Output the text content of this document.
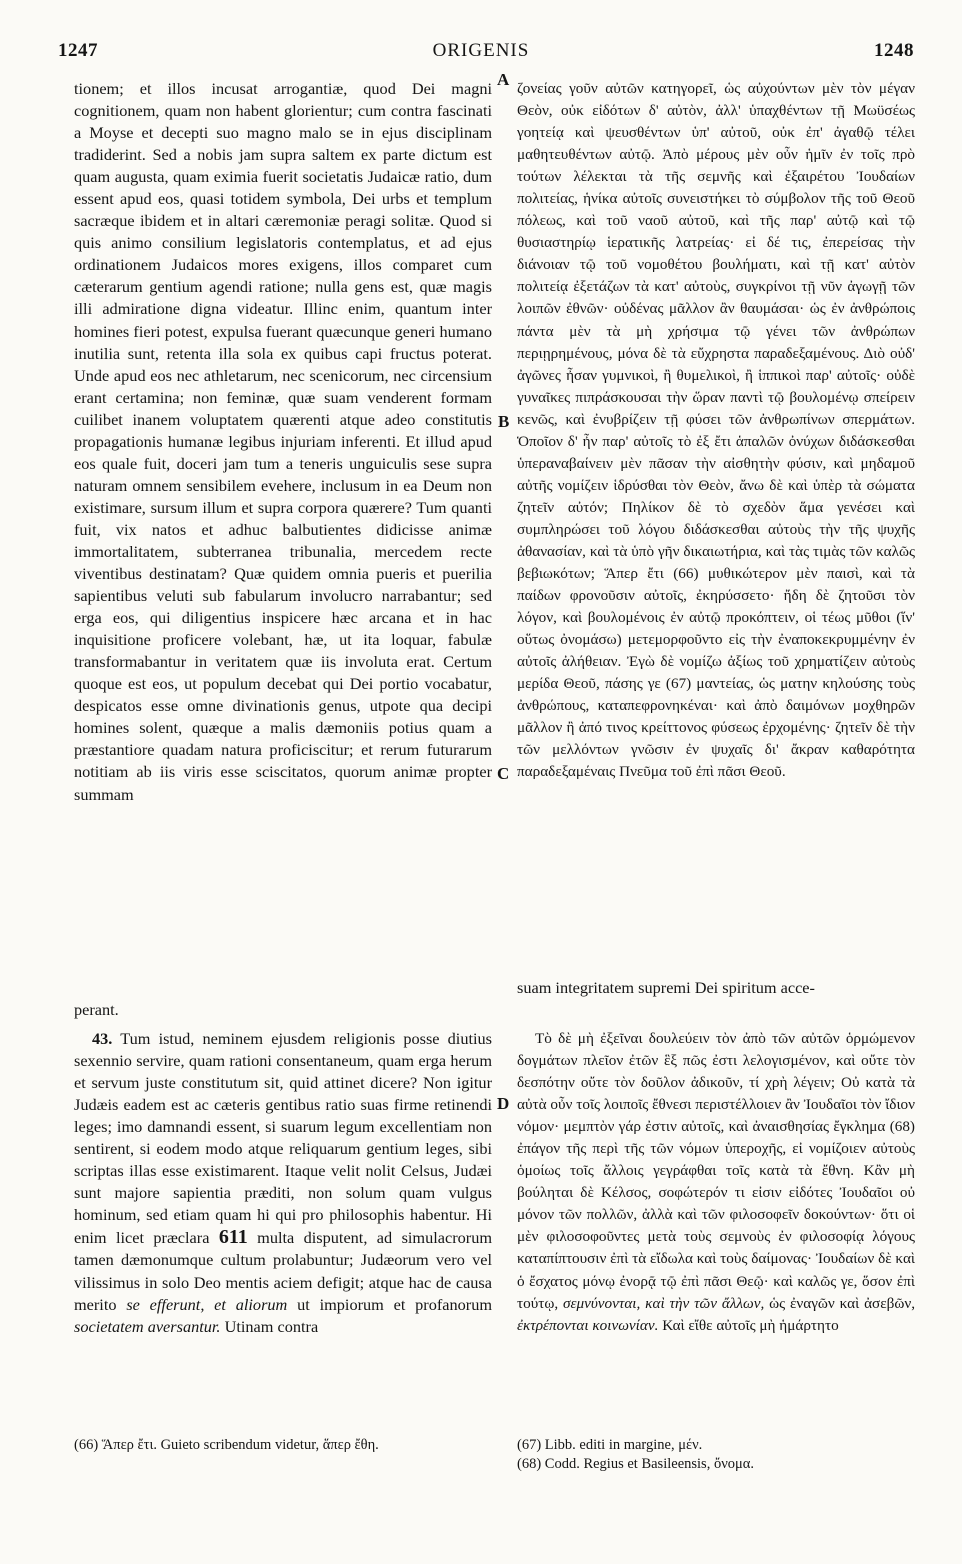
1247	ORIGENIS	1248
A
B
C
D

tionem; et illos incusat arrogantiæ, quod Dei magni cognitionem, quam non habent glorientur; cum contra fascinati a Moyse et decepti suo magno malo se in ejus disciplinam tradiderint. Sed a nobis jam supra saltem ex parte dictum est quam augusta, quam eximia fuerit societatis Judaicæ ratio, dum essent apud eos, quasi totidem symbola, Dei urbs et templum sacræque ibidem et in altari cæremoniæ peragi solitæ. Quod si quis animo consilium legislatoris contemplatus, et ad ejus ordinationem Judaicos mores exigens, illos comparet cum cæterarum gentium agendi ratione; nulla gens est, quæ magis illi admiratione digna videatur. Illinc enim, quantum inter homines fieri potest, expulsa fuerant quæcunque generi humano inutilia sunt, retenta illa sola ex quibus capi fructus poterat. Unde apud eos nec athletarum, nec scenicorum, nec circensium erant certamina; non feminæ, quæ suam venderent formam cuilibet inanem voluptatem quærenti atque adeo constitutis propagationis humanæ legibus injuriam inferenti. Et illud apud eos quale fuit, doceri jam tum a teneris unguiculis sese supra naturam omnem sensibilem evehere, inclusum in ea Deum non existimare, sursum illum et supra corpora quærere? Tum quanti fuit, vix natos et adhuc balbutientes didicisse animæ immortalitatem, subterranea tribunalia, mercedem recte viventibus destinatam? Quæ quidem omnia pueris et puerilia sapientibus veluti sub fabularum involucro narrabantur; sed erga eos, qui diligentius inspicere hæc arcana et in hac inquisitione proficere volebant, hæ, ut ita loquar, fabulæ transformabantur in veritatem quæ iis involuta erat. Certum quoque est eos, ut populum decebat qui Dei portio vocabatur, despicatos esse omne divinationis genus, utpote qua decipi homines solent, quæque a malis dæmoniis potius quam a præstantiore quadam natura proficiscitur; et rerum futurarum notitiam ab iis viris esse sciscitatos, quorum animæ propter summam

ζονείας γοῦν αὐτῶν κατηγορεῖ, ὡς αὐχούντων μὲν τὸν μέγαν Θεὸν, οὐκ εἰδότων δ' αὐτὸν, ἀλλ' ὑπαχθέντων τῇ Μωϋσέως γοητείᾳ καὶ ψευσθέντων ὑπ' αὐτοῦ, οὐκ ἐπ' ἀγαθῷ τέλει μαθητευθέντων αὐτῷ. Ἀπὸ μέρους μὲν οὖν ἡμῖν ἐν τοῖς πρὸ τούτων λέλεκται τὰ τῆς σεμνῆς καὶ ἐξαιρέτου Ἰουδαίων πολιτείας, ἡνίκα αὐτοῖς συνειστήκει τὸ σύμβολον τῆς τοῦ Θεοῦ πόλεως, καὶ τοῦ ναοῦ αὐτοῦ, καὶ τῆς παρ' αὐτῷ καὶ τῷ θυσιαστηρίῳ ἱερατικῆς λατρείας· εἰ δέ τις, ἐπερείσας τὴν διάνοιαν τῷ τοῦ νομοθέτου βουλήματι, καὶ τῇ κατ' αὐτὸν πολιτείᾳ ἐξετάζων τὰ κατ' αὐτοὺς, συγκρίνοι τῇ νῦν ἀγωγῇ τῶν λοιπῶν ἐθνῶν· οὐδένας μᾶλλον ἂν θαυμάσαι· ὡς ἐν ἀνθρώποις πάντα μὲν τὰ μὴ χρήσιμα τῷ γένει τῶν ἀνθρώπων περιῃρημένους, μόνα δὲ τὰ εὔχρηστα παραδεξαμένους. Διὸ οὐδ' ἀγῶνες ἦσαν γυμνικοὶ, ἢ θυμελικοὶ, ἢ ἱππικοὶ παρ' αὐτοῖς· οὐδὲ γυναῖκες πιπράσκουσαι τὴν ὥραν παντὶ τῷ βουλομένῳ σπείρειν κενῶς, καὶ ἐνυβρίζειν τῇ φύσει τῶν ἀνθρωπίνων σπερμάτων. Ὁποῖον δ' ἦν παρ' αὐτοῖς τὸ ἐξ ἔτι ἁπαλῶν ὀνύχων διδάσκεσθαι ὑπεραναβαίνειν μὲν πᾶσαν τὴν αἰσθητὴν φύσιν, καὶ μηδαμοῦ αὐτῆς νομίζειν ἱδρύσθαι τὸν Θεὸν, ἄνω δὲ καὶ ὑπὲρ τὰ σώματα ζητεῖν αὐτόν; Πηλίκον δὲ τὸ σχεδὸν ἅμα γενέσει καὶ συμπληρώσει τοῦ λόγου διδάσκεσθαι αὐτοὺς τὴν τῆς ψυχῆς ἀθανασίαν, καὶ τὰ ὑπὸ γῆν δικαιωτήρια, καὶ τὰς τιμὰς τῶν καλῶς βεβιωκότων; Ἅπερ ἔτι (66) μυθικώτερον μὲν παισὶ, καὶ τὰ παίδων φρονοῦσιν αὐτοῖς, ἐκηρύσσετο· ἤδη δὲ ζητοῦσι τὸν λόγον, καὶ βουλομένοις ἐν αὐτῷ προκόπτειν, οἱ τέως μῦθοι (ἵν' οὕτως ὀνομάσω) μετεμορφοῦντο εἰς τὴν ἐναποκεκρυμμένην ἐν αὐτοῖς ἀλήθειαν. Ἐγὼ δὲ νομίζω ἀξίως τοῦ χρηματίζειν αὐτοὺς μερίδα Θεοῦ, πάσης γε (67) μαντείας, ὡς ματην κηλούσης τοὺς ἀνθρώπους, καταπεφρονηκέναι· καὶ ἀπὸ δαιμόνων μοχθηρῶν μᾶλλον ἢ ἀπό τινος κρείττονος φύσεως ἐρχομένης· ζητεῖν δὲ τὴν τῶν μελλόντων γνῶσιν ἐν ψυχαῖς δι' ἄκραν καθαρότητα παραδεξαμέναις Πνεῦμα τοῦ ἐπὶ πᾶσι Θεοῦ.

suam integritatem supremi Dei spiritum acce-

perant.

43. Tum istud, neminem ejusdem religionis posse diutius sexennio servire, quam rationi consentaneum, quam erga herum et servum juste constitutum sit, quid attinet dicere? Non igitur Judæis eadem est ac cæteris gentibus ratio suas firme retinendi leges; imo damnandi essent, si suarum legum excellentiam non sentirent, si eodem modo atque reliquarum gentium leges, sibi scriptas illas esse existimarent. Itaque velit nolit Celsus, Judæi sunt majore sapientia præditi, non solum quam vulgus hominum, sed etiam quam hi qui pro philosophis habentur. Hi enim licet præclara 611 multa disputent, ad simulacrorum tamen dæmonumque cultum prolabuntur; Judæorum vero vel vilissimus in solo Deo mentis aciem defigit; atque hac de causa merito se efferunt, et aliorum ut impiorum et profanorum societatem aversantur. Utinam contra

Τὸ δὲ μὴ ἐξεῖναι δουλεύειν τὸν ἀπὸ τῶν αὐτῶν ὁρμώμενον δογμάτων πλεῖον ἐτῶν ἓξ πῶς ἐστι λελογισμένον, καὶ οὔτε τὸν δεσπότην οὔτε τὸν δοῦλον ἀδικοῦν, τί χρὴ λέγειν; Οὐ κατὰ τὰ αὐτὰ οὖν τοῖς λοιποῖς ἔθνεσι περιστέλλοιεν ἂν Ἰουδαῖοι τὸν ἴδιον νόμον· μεμπτὸν γάρ ἐστιν αὐτοῖς, καὶ ἀναισθησίας ἔγκλημα (68) ἐπάγον τῆς περὶ τῆς τῶν νόμων ὑπεροχῆς, εἰ νομίζοιεν αὐτοὺς ὁμοίως τοῖς ἄλλοις γεγράφθαι τοῖς κατὰ τὰ ἔθνη. Κἂν μὴ βούληται δὲ Κέλσος, σοφώτερόν τι εἰσιν εἰδότες Ἰουδαῖοι οὐ μόνον τῶν πολλῶν, ἀλλὰ καὶ τῶν φιλοσοφεῖν δοκούντων· ὅτι οἱ μὲν φιλοσοφοῦντες μετὰ τοὺς σεμνοὺς ἐν φιλοσοφίᾳ λόγους καταπίπτουσιν ἐπὶ τὰ εἴδωλα καὶ τοὺς δαίμονας· Ἰουδαίων δὲ καὶ ὁ ἔσχατος μόνῳ ἐνορᾷ τῷ ἐπὶ πᾶσι Θεῷ· καὶ καλῶς γε, ὅσον ἐπὶ τούτῳ, σεμνύνονται, καὶ τὴν τῶν ἄλλων, ὡς ἐναγῶν καὶ ἀσεβῶν, ἐκτρέπονται κοινωνίαν. Καὶ εἴθε αὐτοῖς μὴ ἡμάρτητο

(66) Ἅπερ ἔτι. Guieto scribendum videtur, ἅπερ ἔθη.	(67) Libb. editi in margine, μέν.

(68) Codd. Regius et Basileensis, ὄνομα.
